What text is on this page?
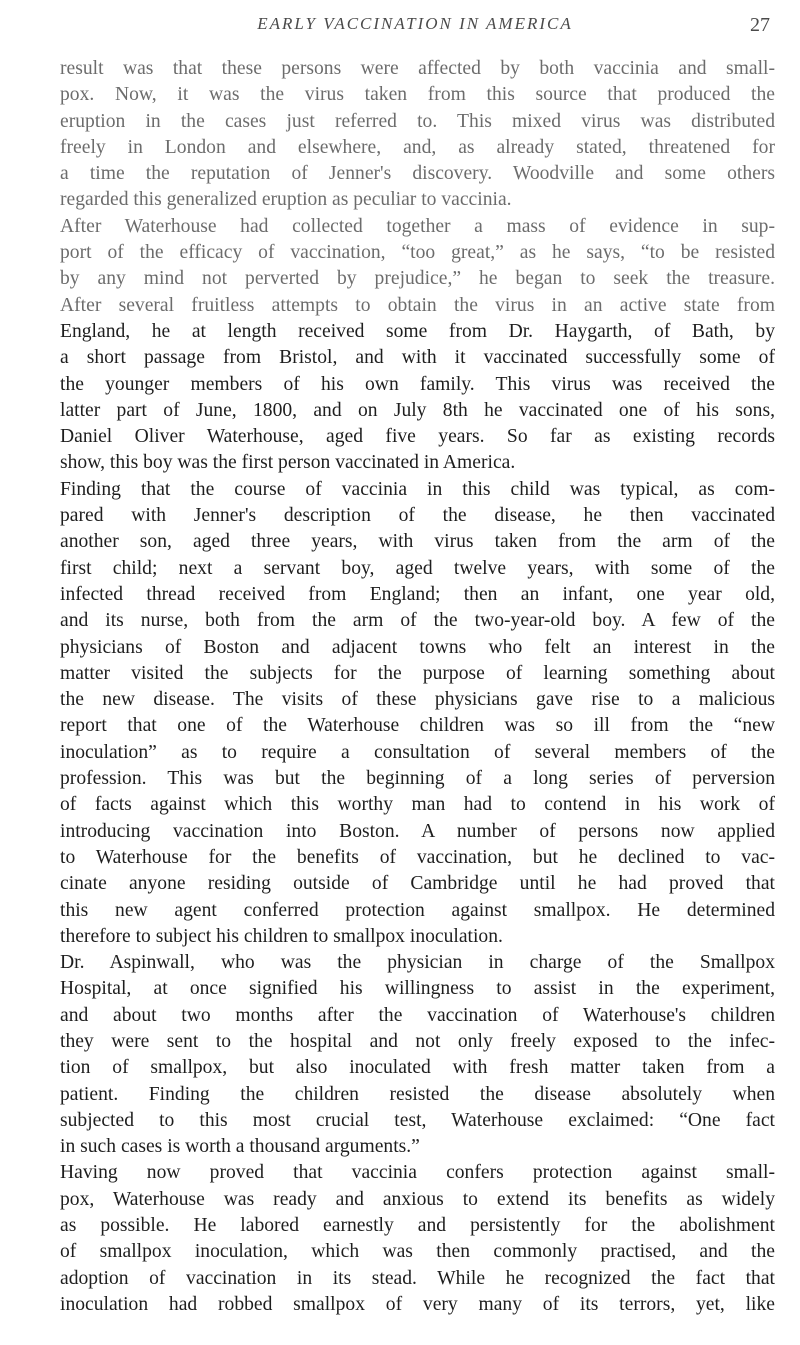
EARLY VACCINATION IN AMERICA	27
result was that these persons were affected by both vaccinia and small-
pox. Now, it was the virus taken from this source that produced the
eruption in the cases just referred to. This mixed virus was distributed
freely in London and elsewhere, and, as already stated, threatened for
a time the reputation of Jenner's discovery. Woodville and some others
regarded this generalized eruption as peculiar to vaccinia.
After Waterhouse had collected together a mass of evidence in sup-
port of the efficacy of vaccination, “too great,” as he says, “to be resisted
by any mind not perverted by prejudice,” he began to seek the treasure.
After several fruitless attempts to obtain the virus in an active state from
England, he at length received some from Dr. Haygarth, of Bath, by
a short passage from Bristol, and with it vaccinated successfully some of
the younger members of his own family. This virus was received the
latter part of June, 1800, and on July 8th he vaccinated one of his sons,
Daniel Oliver Waterhouse, aged five years. So far as existing records
show, this boy was the first person vaccinated in America.
Finding that the course of vaccinia in this child was typical, as com-
pared with Jenner's description of the disease, he then vaccinated
another son, aged three years, with virus taken from the arm of the
first child; next a servant boy, aged twelve years, with some of the
infected thread received from England; then an infant, one year old,
and its nurse, both from the arm of the two-year-old boy. A few of the
physicians of Boston and adjacent towns who felt an interest in the
matter visited the subjects for the purpose of learning something about
the new disease. The visits of these physicians gave rise to a malicious
report that one of the Waterhouse children was so ill from the “new
inoculation” as to require a consultation of several members of the
profession. This was but the beginning of a long series of perversion
of facts against which this worthy man had to contend in his work of
introducing vaccination into Boston. A number of persons now applied
to Waterhouse for the benefits of vaccination, but he declined to vac-
cinate anyone residing outside of Cambridge until he had proved that
this new agent conferred protection against smallpox. He determined
therefore to subject his children to smallpox inoculation.
Dr. Aspinwall, who was the physician in charge of the Smallpox
Hospital, at once signified his willingness to assist in the experiment,
and about two months after the vaccination of Waterhouse's children
they were sent to the hospital and not only freely exposed to the infec-
tion of smallpox, but also inoculated with fresh matter taken from a
patient. Finding the children resisted the disease absolutely when
subjected to this most crucial test, Waterhouse exclaimed: “One fact
in such cases is worth a thousand arguments.”
Having now proved that vaccinia confers protection against small-
pox, Waterhouse was ready and anxious to extend its benefits as widely
as possible. He labored earnestly and persistently for the abolishment
of smallpox inoculation, which was then commonly practised, and the
adoption of vaccination in its stead. While he recognized the fact that
inoculation had robbed smallpox of very many of its terrors, yet, like
